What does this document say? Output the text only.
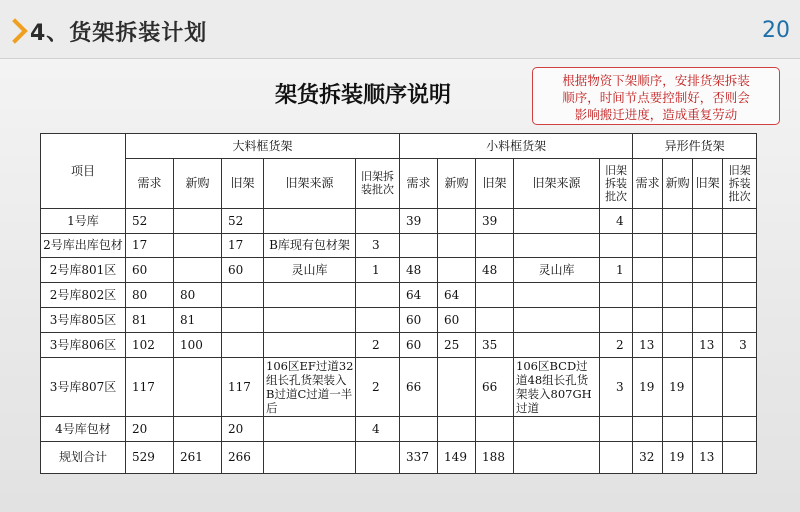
4、货架拆装计划	20
架货拆装顺序说明
根据物资下架顺序，安排货架拆装
顺序，时间节点要控制好，否则会
影响搬迁进度，造成重复劳动
项目	大料框货架					小料框货架					异形件货架			
	需求	新购	旧架	旧架来源	旧架拆装批次	需求	新购	旧架	旧架来源	旧架拆装批次	需求	新购	旧架	旧架拆装批次
1号库	52		52			39		39		4				
2号库出库包材	17		17	B库现有包材架	3									
2号库801区	60		60	灵山库	1	48		48	灵山库	1				
2号库802区	80	80				64	64							
3号库805区	81	81				60	60							
3号库806区	102	100			2	60	25	35		2	13		13	3
3号库807区	117		117	106区EF过道32组长孔货架装入B过道C过道一半后	2	66		66	106区BCD过道48组长孔货架装入807GH过道	3	19	19		
4号库包材	20		20		4									
规划合计	529	261	266			337	149	188			32	19	13	
